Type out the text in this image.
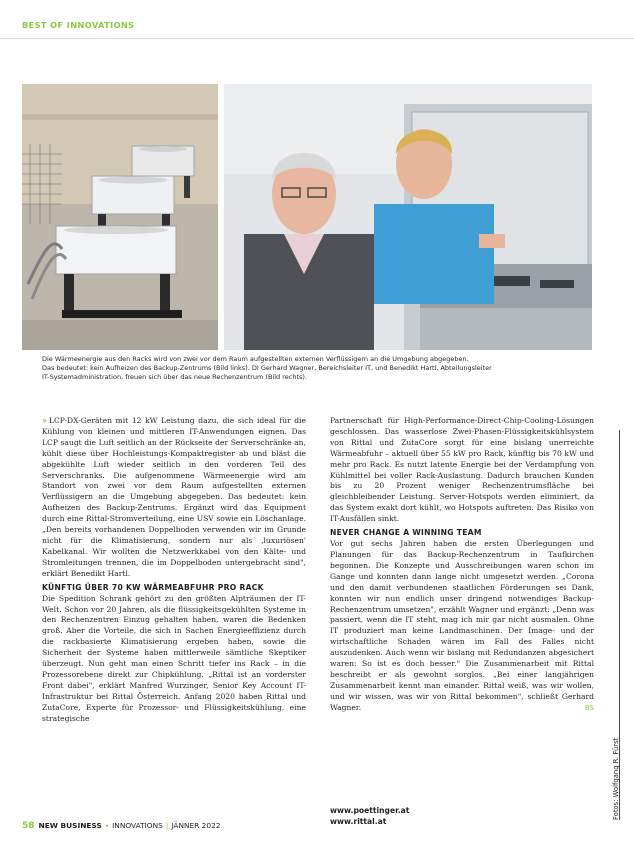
BEST OF INNOVATIONS
Die Wärmeenergie aus den Racks wird von zwei vor dem Raum aufgestellten externen Verflüssigern an die Umgebung abgegeben.
Das bedeutet: kein Aufheizen des Backup-Zentrums (Bild links). DI Gerhard Wagner, Bereichsleiter IT, und Benedikt Hartl, Abteilungsleiter
IT-Systemadministration, freuen sich über das neue Rechenzentrum (Bild rechts).

» LCP-DX-Geräten mit 12 kW Leistung dazu, die sich ideal für die Kühlung von kleinen und mittleren IT-Anwendungen eignen. Das LCP saugt die Luft seitlich an der Rückseite der Serverschränke an, kühlt diese über Hochleistungs-Kompaktregister ab und bläst die abgekühlte Luft wieder seitlich in den vorderen Teil des Serverschranks. Die aufgenommene Wärmeenergie wird am Standort von zwei vor dem Raum aufgestellten externen Verflüssigern an die Umgebung abgegeben. Das bedeutet: kein Aufheizen des Backup-Zentrums. Ergänzt wird das Equipment durch eine Rittal-Stromverteilung, eine USV sowie ein Löschanlage. „Den bereits vorhandenen Doppelboden verwenden wir im Grunde nicht für die Klimatisierung, sondern nur als ‚luxuriösen' Kabelkanal. Wir wollten die Netzwerkkabel von den Kälte- und Stromleitungen trennen, die im Doppelboden untergebracht sind", erklärt Benedikt Hartl.

KÜNFTIG ÜBER 70 KW WÄRMEABFUHR PRO RACK

Die Spedition Schrank gehört zu den größten Alpträumen der IT-Welt. Schon vor 20 Jahren, als die flüssigkeitsgekühlten Systeme in den Rechenzentren Einzug gehalten haben, waren die Bedenken groß. Aber die Vorteile, die sich in Sachen Energieeffizienz durch die rackbasierte Klimatisierung ergeben haben, sowie die Sicherheit der Systeme haben mittlerweile sämtliche Skeptiker überzeugt. Nun geht man einen Schritt tiefer ins Rack – in die Prozessorebene direkt zur Chipkühlung. „Rittal ist an vorderster Front dabei", erklärt Manfred Wurzinger, Senior Key Account IT-Infrastruktur bei Rittal Österreich. Anfang 2020 haben Rittal und ZutaCore, Experte für Prozessor- und Flüssigkeitskühlung, eine strategische

Partnerschaft für High-Performance-Direct-Chip-Cooling-Lösungen geschlossen. Das wasserlose Zwei-Phasen-Flüssigkeitskühlsystem von Rittal und ZutaCore sorgt für eine bislang unerreichte Wärmeabfuhr – aktuell über 55 kW pro Rack, künftig bis 70 kW und mehr pro Rack. Es nutzt latente Energie bei der Verdampfung von Kühlmittel bei voller Rack-Auslastung. Dadurch brauchen Kunden bis zu 20 Prozent weniger Rechenzentrumsfläche bei gleichbleibender Leistung. Server-Hotspots werden eliminiert, da das System exakt dort kühlt, wo Hotspots auftreten. Das Risiko von IT-Ausfällen sinkt.

NEVER CHANGE A WINNING TEAM

Vor gut sechs Jahren haben die ersten Überlegungen und Planungen für das Backup-Rechenzentrum in Taufkirchen begonnen. Die Konzepte und Ausschreibungen waren schon im Gange und konnten dann lange nicht umgesetzt werden. „Corona und den damit verbundenen staatlichen Förderungen sei Dank, konnten wir nun endlich unser dringend notwendiges Backup-Rechenzentrum umsetzen", erzählt Wagner und ergänzt: „Denn was passiert, wenn die IT steht, mag ich mir gar nicht ausmalen. Ohne IT produziert man keine Landmaschinen. Der Image- und der wirtschaftliche Schaden wären im Fall des Falles nicht auszudenken. Auch wenn wir bislang mit Redundanzen abgesichert waren: So ist es doch besser." Die Zusammenarbeit mit Rittal beschreibt er als gewohnt sorglos. „Bei einer langjährigen Zusammenarbeit kennt man einander. Rittal weiß, was wir wollen, und wir wissen, was wir von Rittal bekommen", schließt Gerhard Wagner.	BS

www.poettinger.at
www.rittal.at
Fotos: Wolfgang R. Fürst
58 NEW BUSINESS • INNOVATIONS | JÄNNER 2022
